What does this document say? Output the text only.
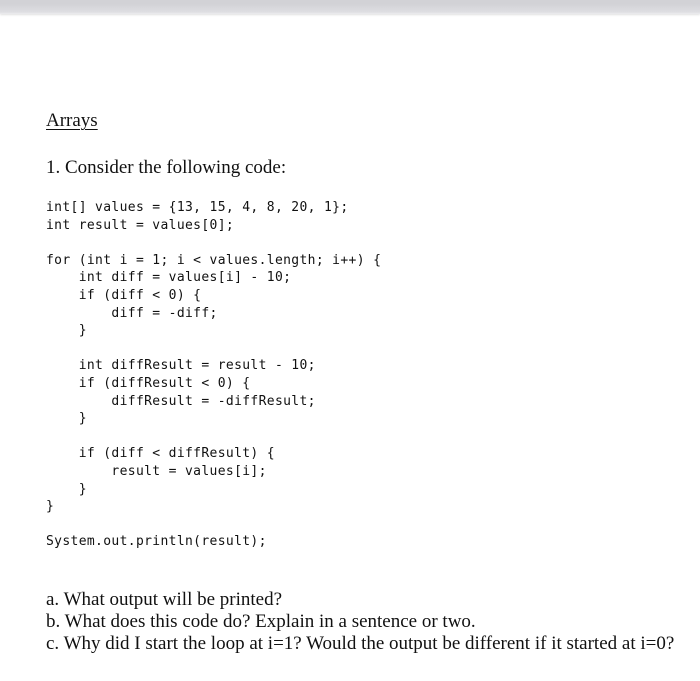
Arrays

1. Consider the following code:

int[] values = {13, 15, 4, 8, 20, 1};
int result = values[0];
for (int i = 1; i < values.length; i++) {
int diff = values[i] - 10;
if (diff < 0) {
diff = -diff;
}
int diffResult = result - 10;
if (diffResult < 0) {
diffResult = -diffResult;
}
if (diff < diffResult) {
result = values[i];
}
}
System.out.println(result);
a. What output will be printed?
b. What does this code do? Explain in a sentence or two.
c. Why did I start the loop at i=1? Would the output be different if it started at i=0?
